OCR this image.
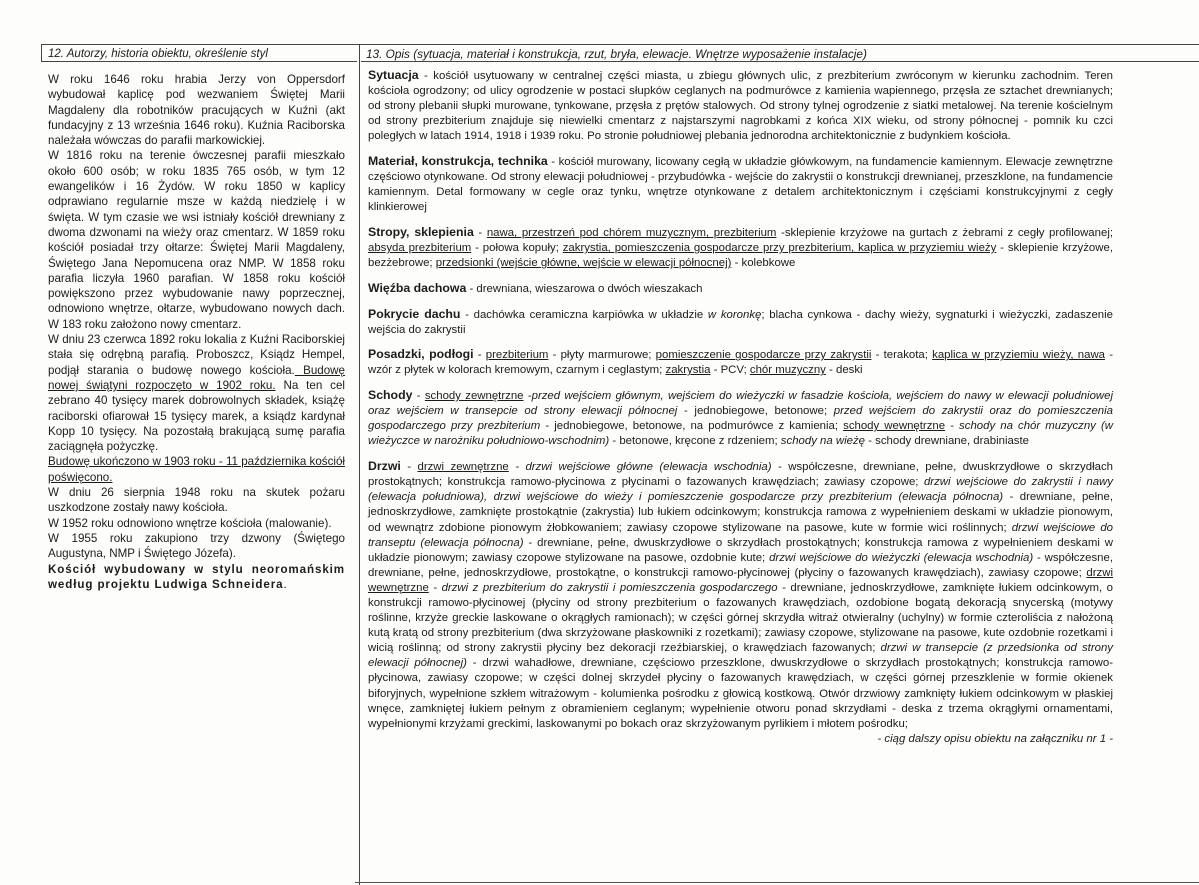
12. Autorzy, historia obiektu, określenie styl	13. Opis (sytuacja, materiał i konstrukcja, rzut, bryła, elewacje. Wnętrze wyposażenie instalacje)

W roku 1646 roku hrabia Jerzy von Oppersdorf wybudował kaplicę pod wezwaniem Świętej Marii Magdaleny dla robotników pracujących w Kuźni (akt fundacyjny z 13 września 1646 roku). Kuźnia Raciborska należała wówczas do parafii markowickiej.

W 1816 roku na terenie ówczesnej parafii mieszkało około 600 osób; w roku 1835 765 osób, w tym 12 ewangelików i 16 Żydów. W roku 1850 w kaplicy odprawiano regularnie msze w każdą niedzielę i w święta. W tym czasie we wsi istniały kościół drewniany z dwoma dzwonami na wieży oraz cmentarz. W 1859 roku kościół posiadał trzy ołtarze: Świętej Marii Magdaleny, Świętego Jana Nepomucena oraz NMP. W 1858 roku parafia liczyła 1960 parafian. W 1858 roku kościół powiększono przez wybudowanie nawy poprzecznej, odnowiono wnętrze, ołtarze, wybudowano nowych dach. W 183 roku założono nowy cmentarz.

W dniu 23 czerwca 1892 roku lokalia z Kuźni Raciborskiej stała się odrębną parafią. Proboszcz, Ksiądz Hempel, podjął starania o budowę nowego kościoła. Budowę nowej świątyni rozpoczęto w 1902 roku. Na ten cel zebrano 40 tysięcy marek dobrowolnych składek, książę raciborski ofiarował 15 tysięcy marek, a ksiądz kardynał Kopp 10 tysięcy. Na pozostałą brakującą sumę parafia zaciągnęła pożyczkę.

Budowę ukończono w 1903 roku - 11 października kościół poświęcono.

W dniu 26 sierpnia 1948 roku na skutek pożaru uszkodzone zostały nawy kościoła.

W 1952 roku odnowiono wnętrze kościoła (malowanie).

W 1955 roku zakupiono trzy dzwony (Świętego Augustyna, NMP i Świętego Józefa).

Kościół wybudowany w stylu neoromańskim według projektu Ludwiga Schneidera.

Sytuacja - kościół usytuowany w centralnej części miasta, u zbiegu głównych ulic, z prezbiterium zwróconym w kierunku zachodnim. Teren kościoła ogrodzony; od ulicy ogrodzenie w postaci słupków ceglanych na podmurówce z kamienia wapiennego, przęsła ze sztachet drewnianych; od strony plebanii słupki murowane, tynkowane, przęsła z prętów stalowych. Od strony tylnej ogrodzenie z siatki metalowej. Na terenie kościelnym od strony prezbiterium znajduje się niewielki cmentarz z najstarszymi nagrobkami z końca XIX wieku, od strony północnej - pomnik ku czci poległych w latach 1914, 1918 i 1939 roku. Po stronie południowej plebania jednorodna architektonicznie z budynkiem kościoła.

Materiał, konstrukcja, technika - kościół murowany, licowany cegłą w układzie główkowym, na fundamencie kamiennym. Elewacje zewnętrzne częściowo otynkowane. Od strony elewacji południowej - przybudówka - wejście do zakrystii o konstrukcji drewnianej, przeszklone, na fundamencie kamiennym. Detal formowany w cegle oraz tynku, wnętrze otynkowane z detalem architektonicznym i częściami konstrukcyjnymi z cegły klinkierowej

Stropy, sklepienia - nawa, przestrzeń pod chórem muzycznym, prezbiterium -sklepienie krzyżowe na gurtach z żebrami z cegły profilowanej; absyda prezbiterium - połowa kopuły; zakrystia, pomieszczenia gospodarcze przy prezbiterium, kaplica w przyziemiu wieży - sklepienie krzyżowe, bezżebrowe; przedsionki (wejście główne, wejście w elewacji północnej) - kolebkowe

Więźba dachowa - drewniana, wieszarowa o dwóch wieszakach

Pokrycie dachu - dachówka ceramiczna karpiówka w układzie w koronkę; blacha cynkowa - dachy wieży, sygnaturki i wieżyczki, zadaszenie wejścia do zakrystii

Posadzki, podłogi - prezbiterium - płyty marmurowe; pomieszczenie gospodarcze przy zakrystii - terakota; kaplica w przyziemiu wieży, nawa - wzór z płytek w kolorach kremowym, czarnym i ceglastym; zakrystia - PCV; chór muzyczny - deski

Schody - schody zewnętrzne -przed wejściem głównym, wejściem do wieżyczki w fasadzie kościoła, wejściem do nawy w elewacji południowej oraz wejściem w transepcie od strony elewacji północnej - jednobiegowe, betonowe; przed wejściem do zakrystii oraz do pomieszczenia gospodarczego przy prezbiterium - jednobiegowe, betonowe, na podmurówce z kamienia; schody wewnętrzne - schody na chór muzyczny (w wieżyczce w narożniku południowo-wschodnim) - betonowe, kręcone z rdzeniem; schody na wieżę - schody drewniane, drabiniaste

Drzwi - drzwi zewnętrzne - drzwi wejściowe główne (elewacja wschodnia) - współczesne, drewniane, pełne, dwuskrzydłowe o skrzydłach prostokątnych; konstrukcja ramowo-płycinowa z płycinami o fazowanych krawędziach; zawiasy czopowe; drzwi wejściowe do zakrystii i nawy (elewacja południowa), drzwi wejściowe do wieży i pomieszczenie gospodarcze przy prezbiterium (elewacja północna) - drewniane, pełne, jednoskrzydłowe, zamknięte prostokątnie (zakrystia) lub łukiem odcinkowym; konstrukcja ramowa z wypełnieniem deskami w układzie pionowym, od wewnątrz zdobione pionowym żłobkowaniem; zawiasy czopowe stylizowane na pasowe, kute w formie wici roślinnych; drzwi wejściowe do transeptu (elewacja północna) - drewniane, pełne, dwuskrzydłowe o skrzydłach prostokątnych; konstrukcja ramowa z wypełnieniem deskami w układzie pionowym; zawiasy czopowe stylizowane na pasowe, ozdobnie kute; drzwi wejściowe do wieżyczki (elewacja wschodnia) - współczesne, drewniane, pełne, jednoskrzydłowe, prostokątne, o konstrukcji ramowo-płycinowej (płyciny o fazowanych krawędziach), zawiasy czopowe; drzwi wewnętrzne - drzwi z prezbiterium do zakrystii i pomieszczenia gospodarczego - drewniane, jednoskrzydłowe, zamknięte łukiem odcinkowym, o konstrukcji ramowo-płycinowej (płyciny od strony prezbiterium o fazowanych krawędziach, ozdobione bogatą dekoracją snycerską (motywy roślinne, krzyże greckie laskowane o okrągłych ramionach); w części górnej skrzydła witraż otwieralny (uchylny) w formie czteroliścia z nałożoną kutą kratą od strony prezbiterium (dwa skrzyżowane płaskowniki z rozetkami); zawiasy czopowe, stylizowane na pasowe, kute ozdobnie rozetkami i wicią roślinną; od strony zakrystii płyciny bez dekoracji rzeźbiarskiej, o krawędziach fazowanych; drzwi w transepcie (z przedsionka od strony elewacji północnej) - drzwi wahadłowe, drewniane, częściowo przeszklone, dwuskrzydłowe o skrzydłach prostokątnych; konstrukcja ramowo-płycinowa, zawiasy czopowe; w części dolnej skrzydeł płyciny o fazowanych krawędziach, w części górnej przeszklenie w formie okienek biforyjnych, wypełnione szkłem witrażowym - kolumienka pośrodku z głowicą kostkową. Otwór drzwiowy zamknięty łukiem odcinkowym w płaskiej wnęce, zamkniętej łukiem pełnym z obramieniem ceglanym; wypełnienie otworu ponad skrzydłami - deska z trzema okrągłymi ornamentami, wypełnionymi krzyżami greckimi, laskowanymi po bokach oraz skrzyżowanym pyrlikiem i młotem pośrodku;

- ciąg dalszy opisu obiektu na załączniku nr 1 -
